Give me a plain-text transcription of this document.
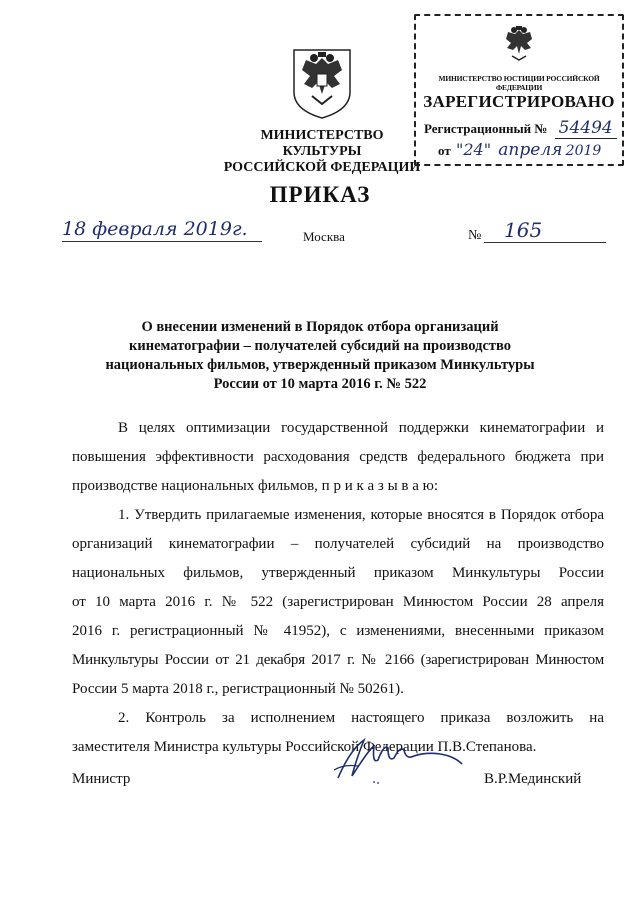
МИНИСТЕРСТВО КУЛЬТУРЫ
РОССИЙСКОЙ ФЕДЕРАЦИИ
МИНИСТЕРСТВО ЮСТИЦИИ РОССИЙСКОЙ ФЕДЕРАЦИИ
ЗАРЕГИСТРИРОВАНО
Регистрационный № 54494
от "24" апреля 2019
ПРИКАЗ
18 февраля 2019г.	Москва	№ 165
О внесении изменений в Порядок отбора организаций
кинематографии – получателей субсидий на производство
национальных фильмов, утвержденный приказом Минкультуры
России от 10 марта 2016 г. № 522
В целях оптимизации государственной поддержки кинематографии и
повышения эффективности расходования средств федерального бюджета при
производстве национальных фильмов, п р и к а з ы в а ю:
1. Утвердить прилагаемые изменения, которые вносятся в Порядок отбора
организаций кинематографии – получателей субсидий на производство
национальных фильмов, утвержденный приказом Минкультуры России
от 10 марта 2016 г. № 522 (зарегистрирован Минюстом России 28 апреля
2016 г. регистрационный № 41952), с изменениями, внесенными приказом
Минкультуры России от 21 декабря 2017 г. № 2166 (зарегистрирован Минюстом
России 5 марта 2018 г., регистрационный № 50261).
2. Контроль за исполнением настоящего приказа возложить на
заместителя Министра культуры Российской Федерации П.В.Степанова.
Министр	В.Р.Мединский
